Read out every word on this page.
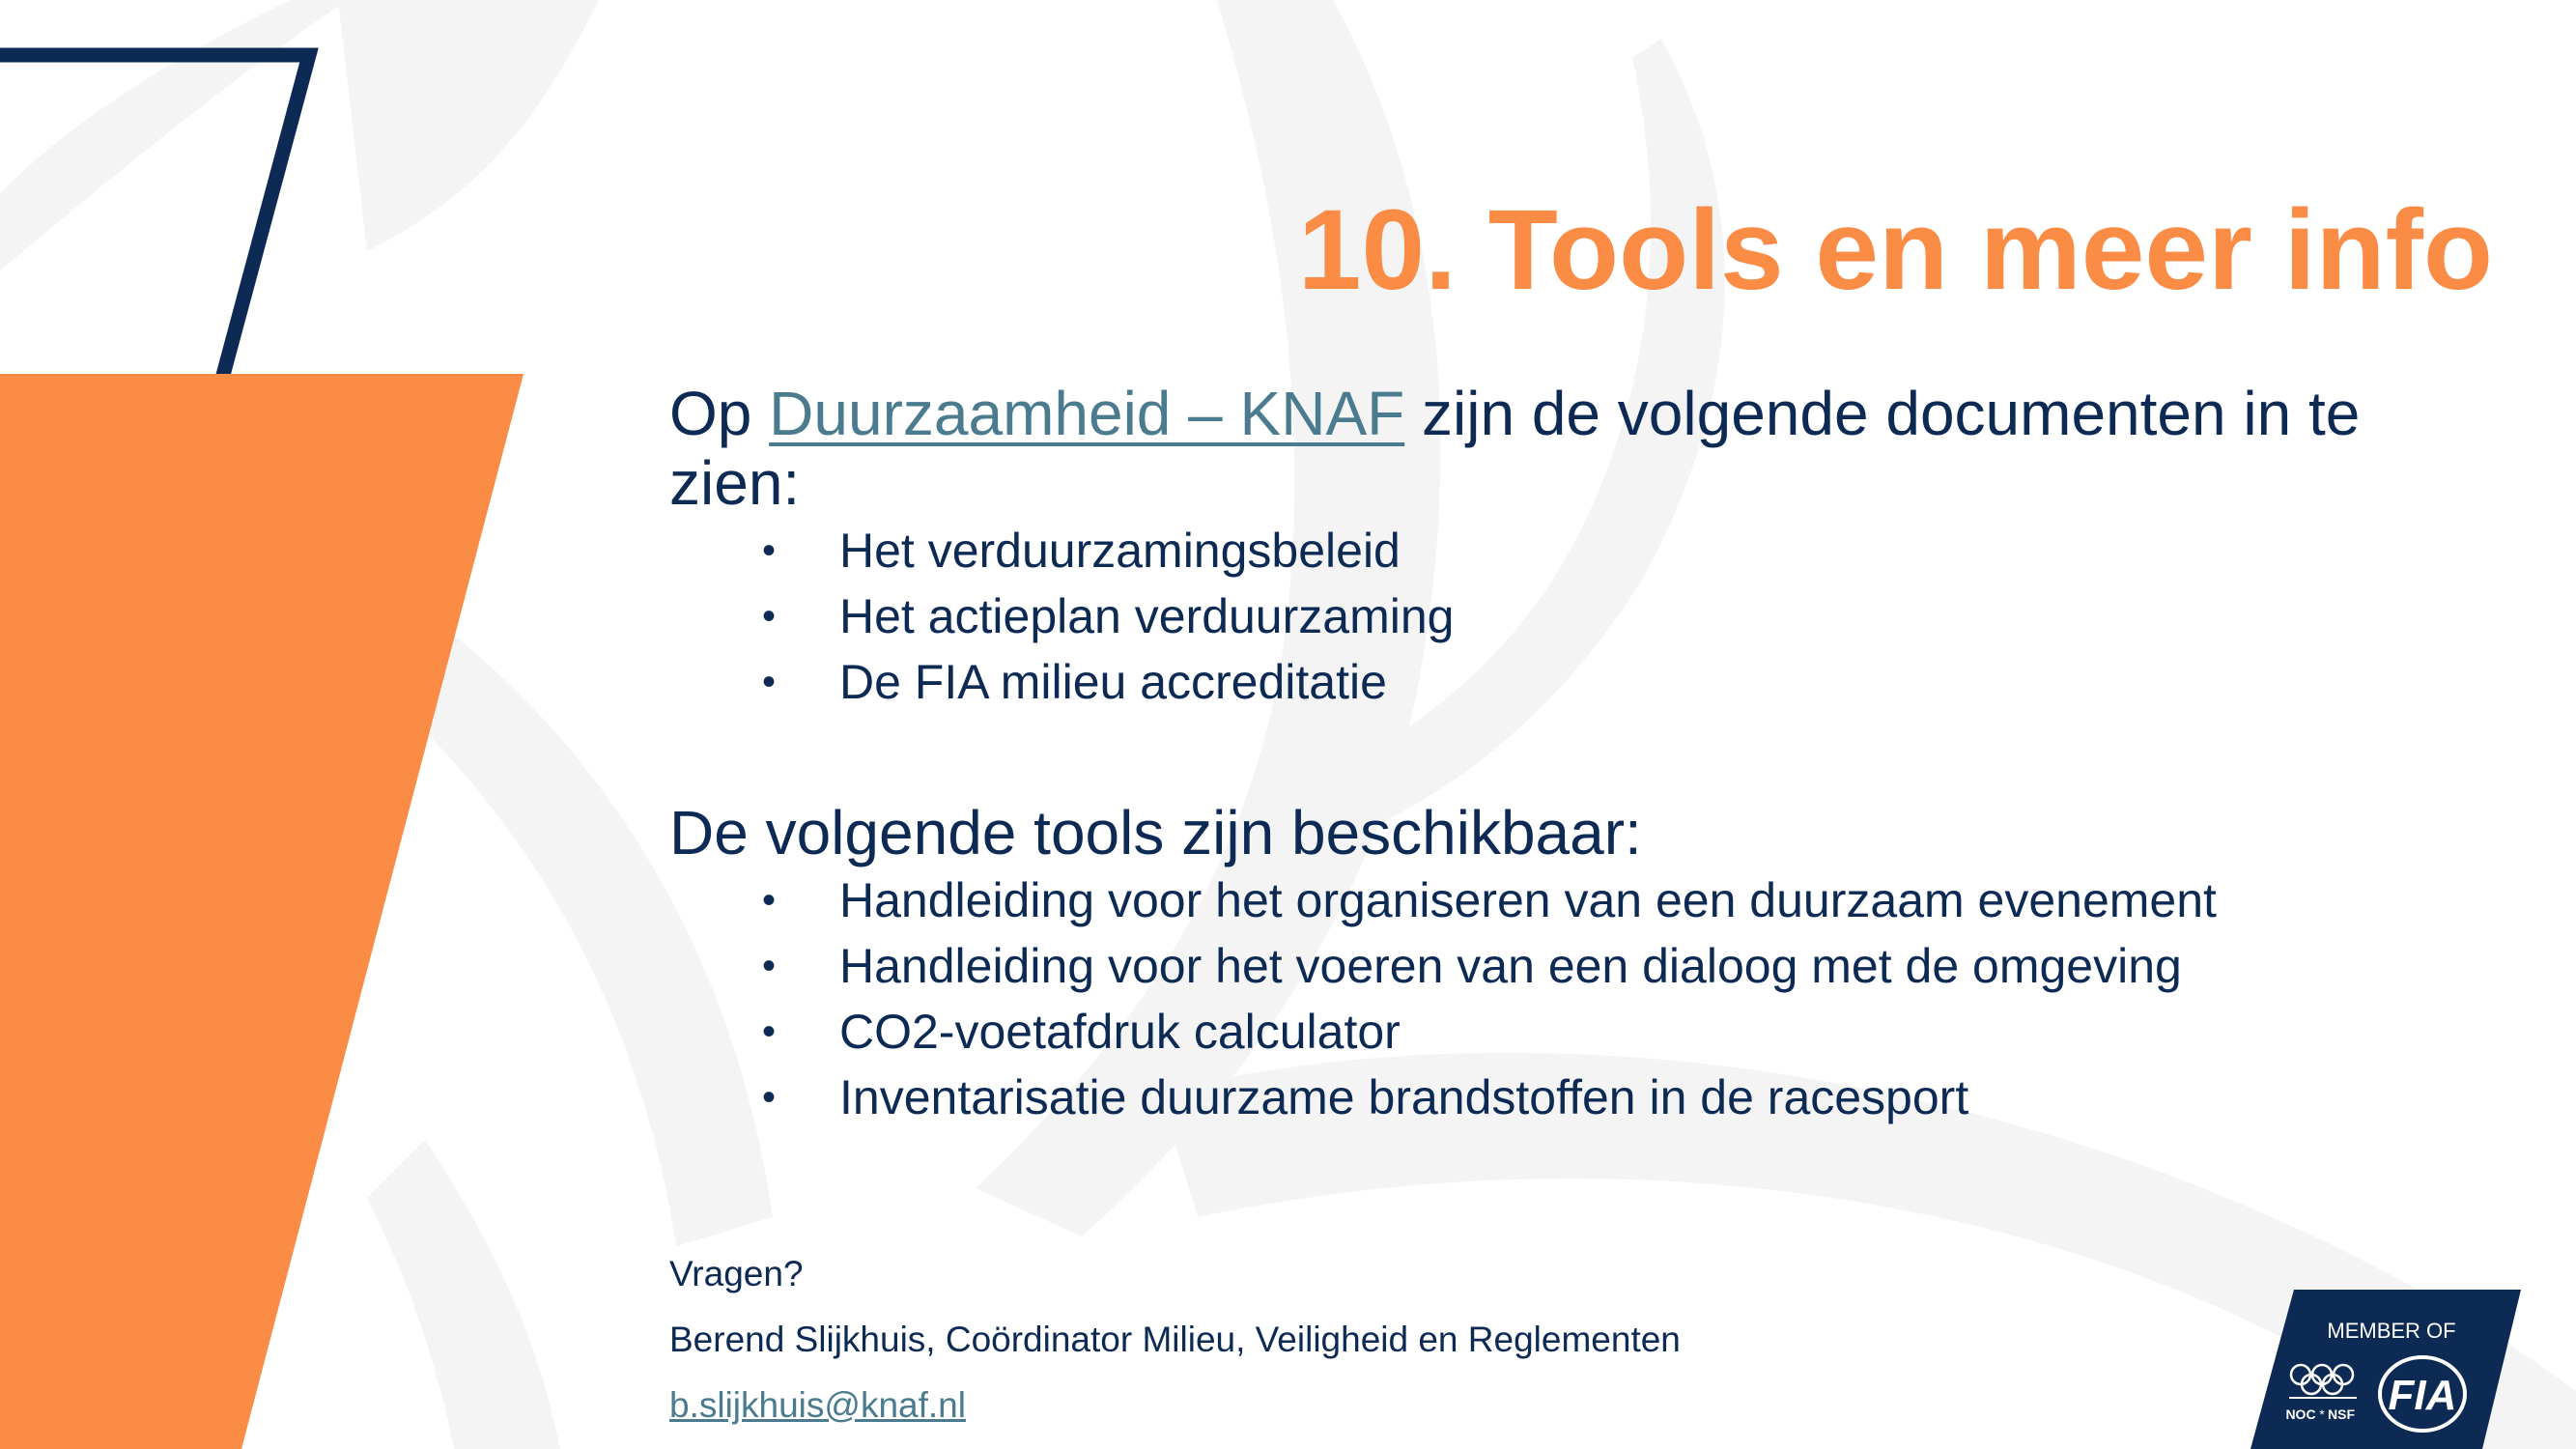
10. Tools en meer info

Op Duurzaamheid – KNAF zijn de volgende documenten in te zien:

• Het verduurzamingsbeleid
• Het actieplan verduurzaming
• De FIA milieu accreditatie
De volgende tools zijn beschikbaar:
• Handleiding voor het organiseren van een duurzaam evenement
• Handleiding voor het voeren van een dialoog met de omgeving
• CO2-voetafdruk calculator
• Inventarisatie duurzame brandstoffen in de racesport

Vragen?

Berend Slijkhuis, Coördinator Milieu, Veiligheid en Reglementen

b.slijkhuis@knaf.nl

MEMBER OF
NOC * NSF FIA
